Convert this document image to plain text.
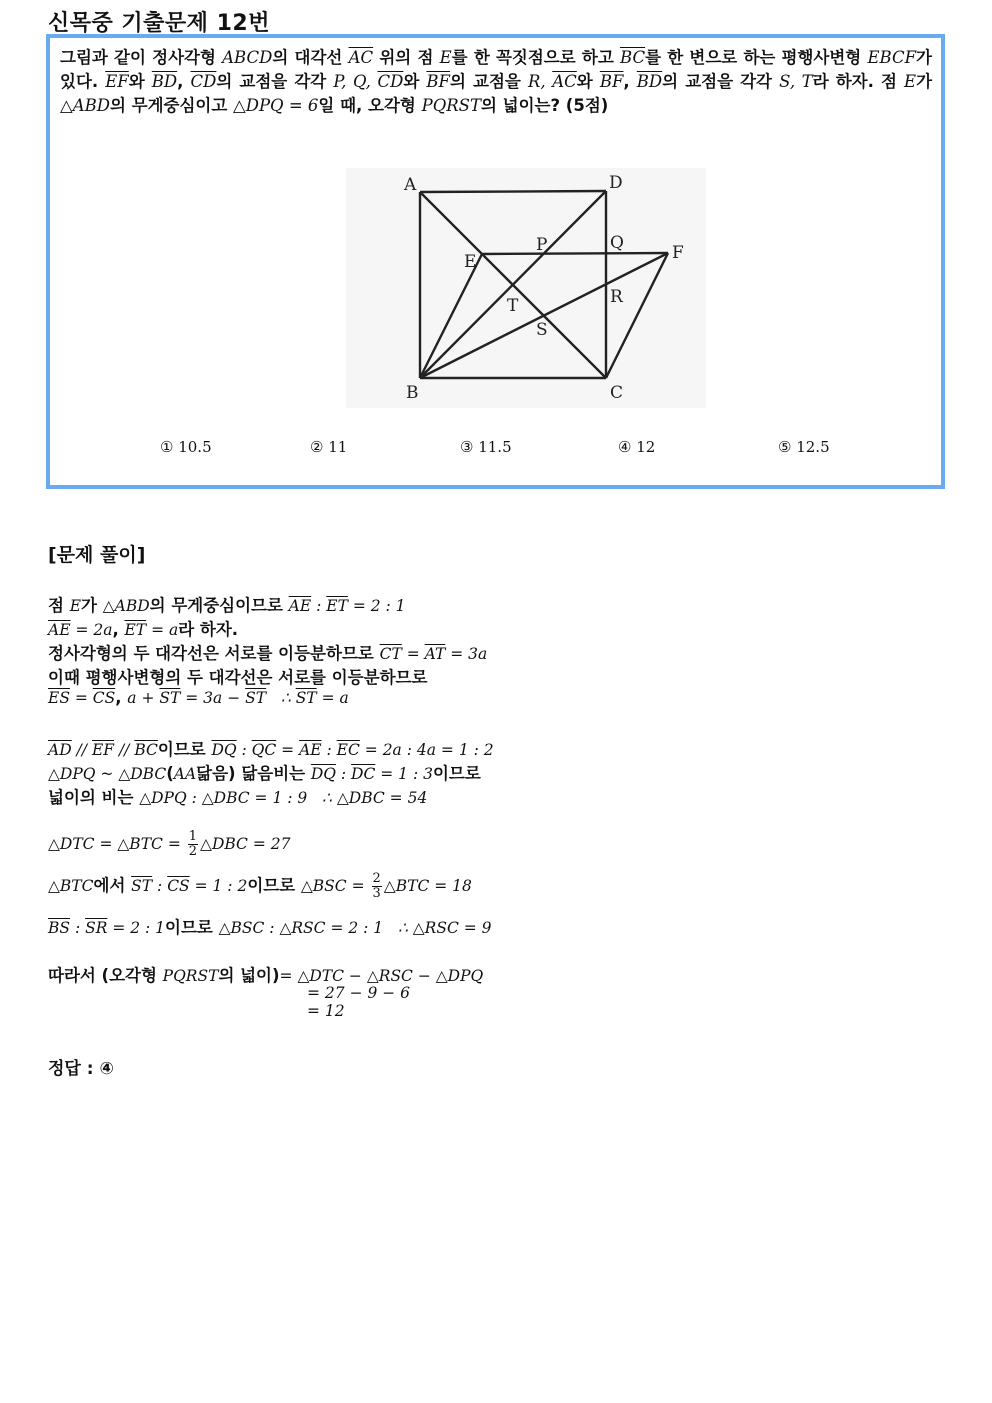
신목중 기출문제 12번
그림과 같이 정사각형 ABCD의 대각선 $\overline{AC}$ 위의 점 E를 한 꼭짓점으로 하고 $\overline{BC}$를 한 변으로 하는 평행사변형 EBCF가 있다. $\overline{EF}$와 $\overline{BD}$, $\overline{CD}$의 교점을 각각 P, Q, $\overline{CD}$와 $\overline{BF}$의 교점을 R, $\overline{AC}$와 $\overline{BF}$, $\overline{BD}$의 교점을 각각 S, T라 하자. 점 E가 △ABD의 무게중심이고 △DPQ = 6일 때, 오각형 PQRST의 넓이는? (5점)
A	D
B	C
E	F
P	Q
R
S
T
① 10.5	② 11	③ 11.5	④ 12	⑤ 12.5
[문제 풀이]
점 E가 △ABD의 무게중심이므로 $\overline{AE}$ : $\overline{ET} = 2$ : 1
$\overline{AE} = 2a$, $\overline{ET} = a$라 하자.
정사각형의 두 대각선은 서로를 이등분하므로 $\overline{CT} = \overline{AT} = 3a$
이때 평행사변형의 두 대각선은 서로를 이등분하므로
$\overline{ES} = \overline{CS}$, $a + \overline{ST} = 3a - \overline{ST}$   ∴ $\overline{ST} = a$
$\overline{AD} // \overline{EF} // \overline{BC}$이므로 $\overline{DQ}$ : $\overline{QC} = \overline{AE}$ : $\overline{EC} = 2a$ : 4a = 1 : 2
△DPQ ~ △DBC(AA닮음) 닮음비는 $\overline{DQ}$ : $\overline{DC} = 1$ : 3이므로
넓이의 비는 △DPQ : △DBC = 1 : 9   ∴ △DBC = 54
△DTC = △BTC = $\frac{1}{2}$ △DBC = 27
△BTC에서 $\overline{ST}$ : $\overline{CS} = 1$ : 2이므로 △BSC = $\frac{2}{3}$ △BTC = 18
$\overline{BS}$ : $\overline{SR} = 2$ : 1이므로 △BSC : △RSC = 2 : 1   ∴ △RSC = 9
따라서 (오각형 PQRST의 넓이)= △DTC − △RSC − △DPQ
= 27 − 9 − 6
= 12
정답 : ④
